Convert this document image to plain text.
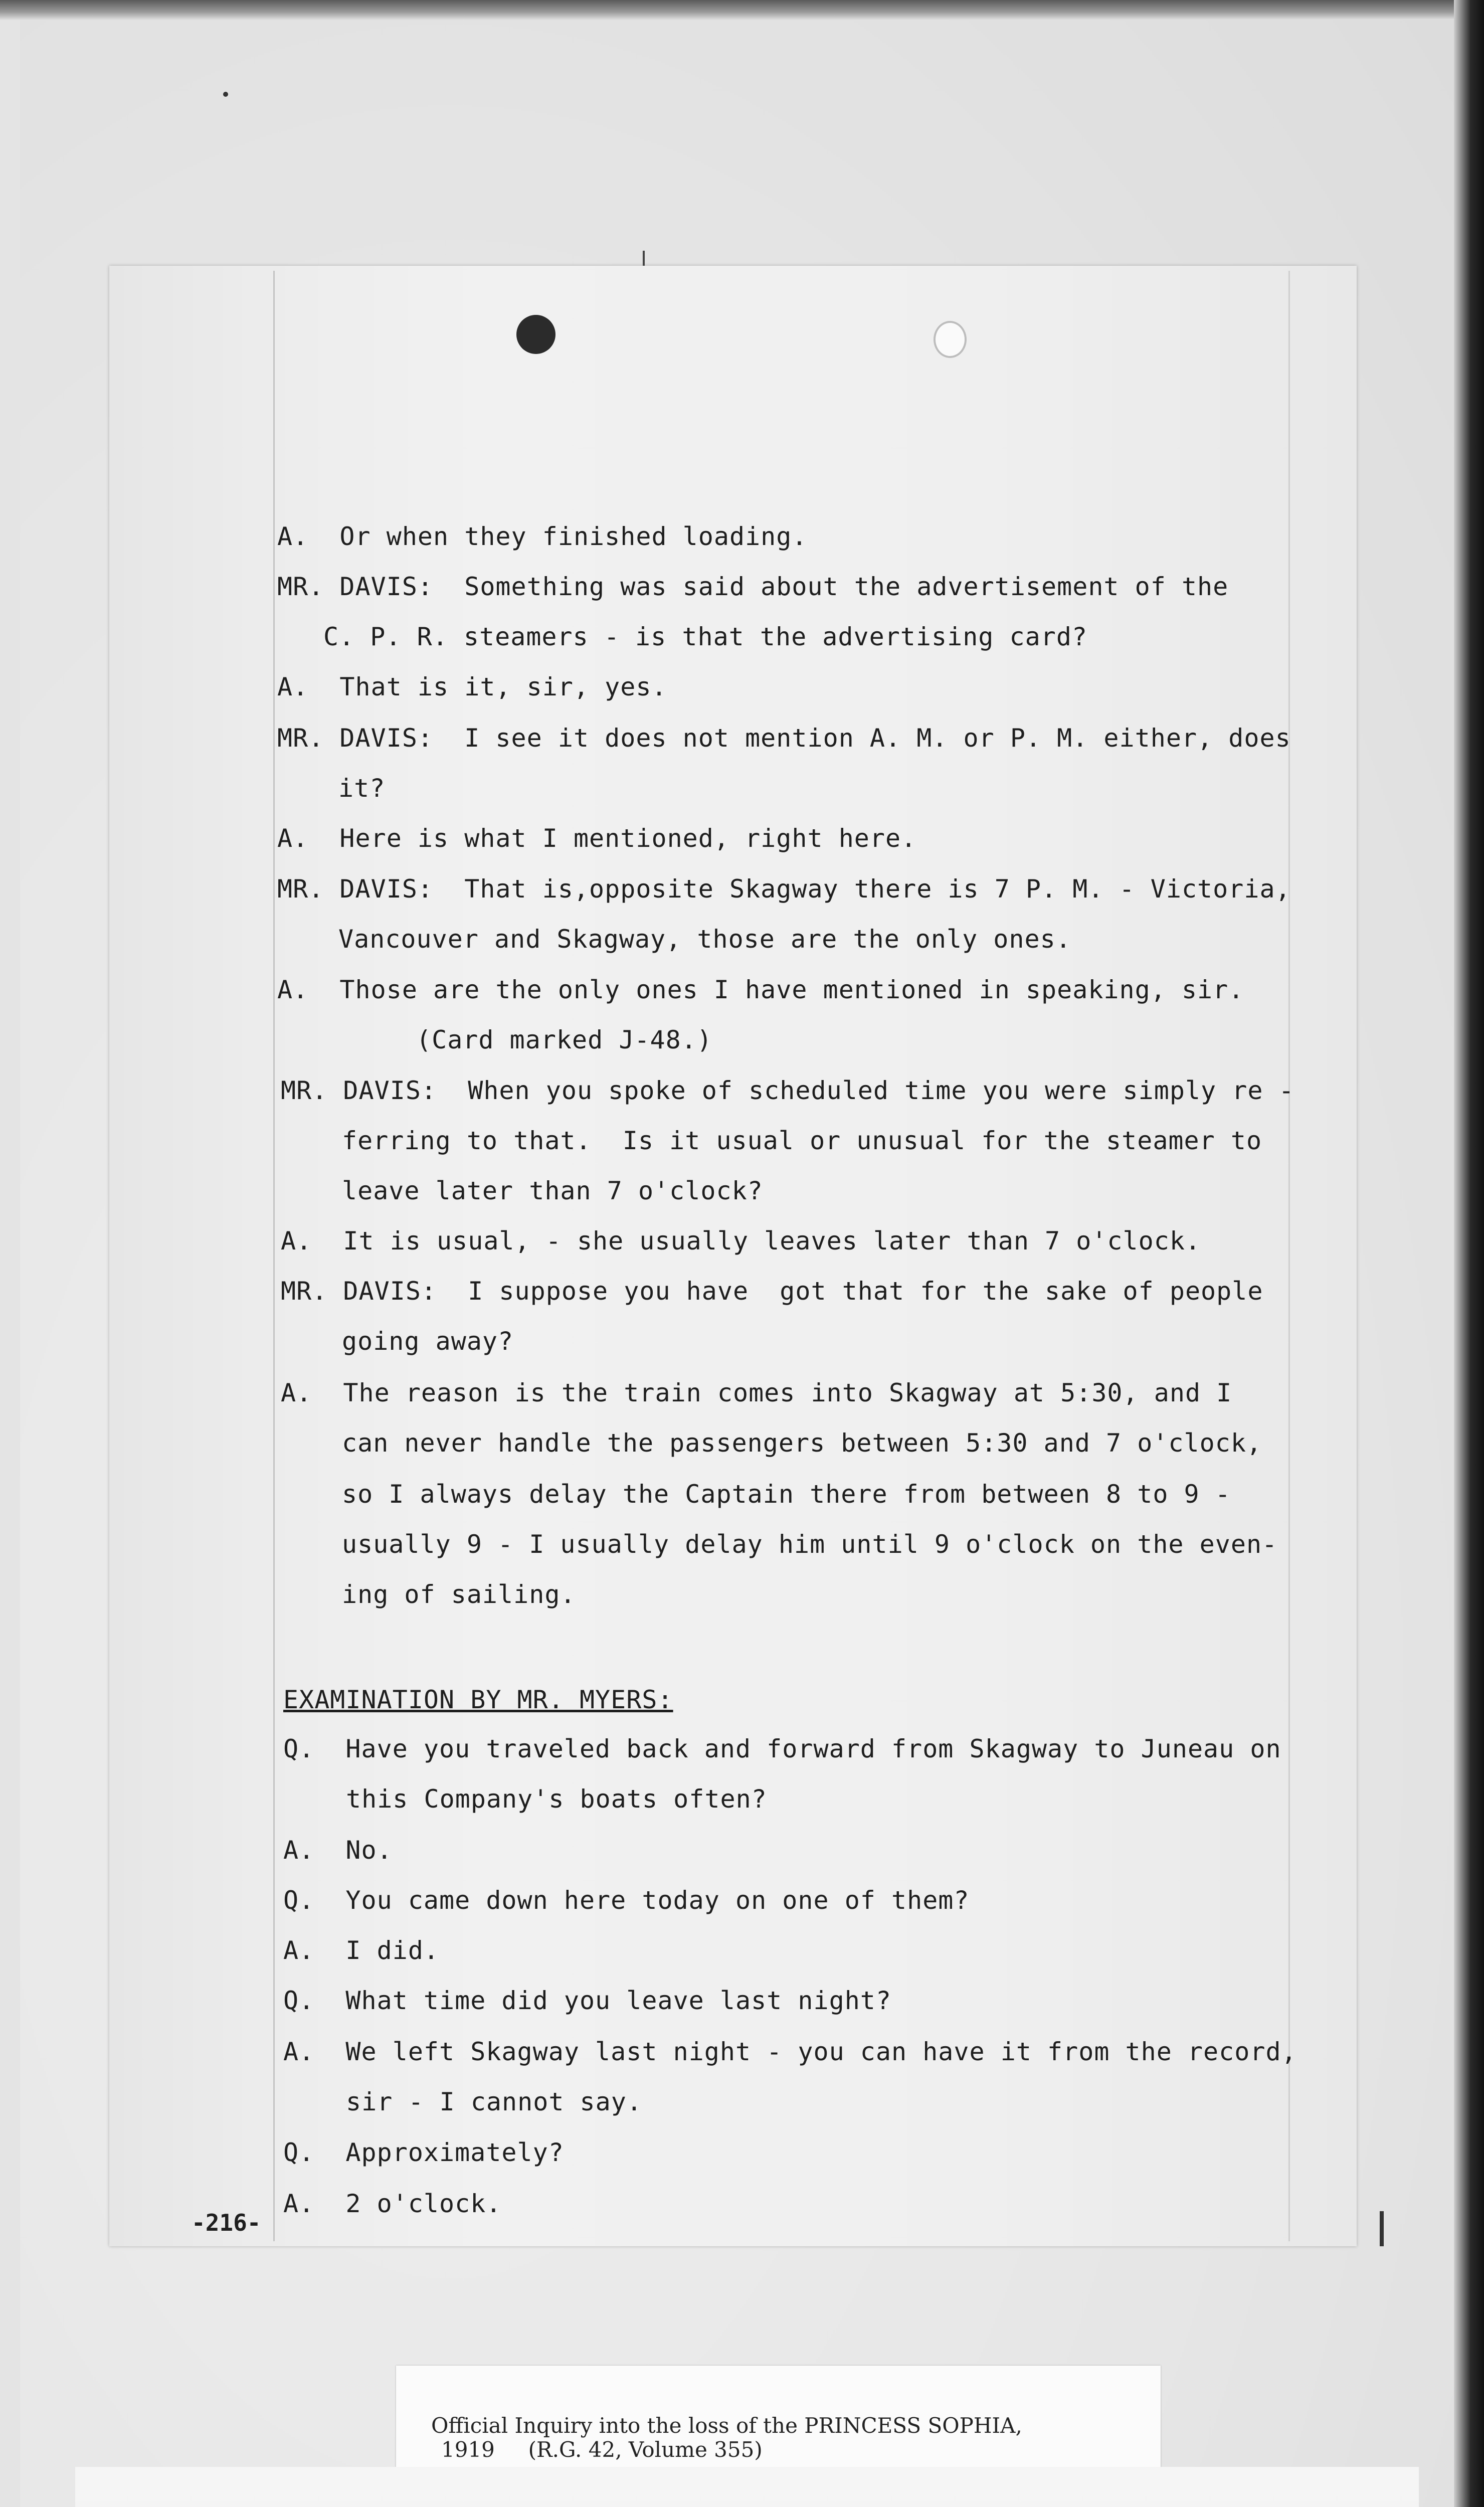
A.  Or when they finished loading.
MR. DAVIS:  Something was said about the advertisement of the
C. P. R. steamers - is that the advertising card?
A.  That is it, sir, yes.
MR. DAVIS:  I see it does not mention A. M. or P. M. either, does
it?
A.  Here is what I mentioned, right here.
MR. DAVIS:  That is,opposite Skagway there is 7 P. M. - Victoria,
Vancouver and Skagway, those are the only ones.
A.  Those are the only ones I have mentioned in speaking, sir.
(Card marked J-48.)
MR. DAVIS:  When you spoke of scheduled time you were simply re -
ferring to that.  Is it usual or unusual for the steamer to
leave later than 7 o'clock?
A.  It is usual, - she usually leaves later than 7 o'clock.
MR. DAVIS:  I suppose you have  got that for the sake of people
going away?
A.  The reason is the train comes into Skagway at 5:30, and I
can never handle the passengers between 5:30 and 7 o'clock,
so I always delay the Captain there from between 8 to 9 -
usually 9 - I usually delay him until 9 o'clock on the even-
ing of sailing.
EXAMINATION BY MR. MYERS:
Q.  Have you traveled back and forward from Skagway to Juneau on
this Company's boats often?
A.  No.
Q.  You came down here today on one of them?
A.  I did.
Q.  What time did you leave last night?
A.  We left Skagway last night - you can have it from the record,
sir - I cannot say.
Q.  Approximately?
A.  2 o'clock.
-216-
Official Inquiry into the loss of the PRINCESS SOPHIA,
1919     (R.G. 42, Volume 355)
